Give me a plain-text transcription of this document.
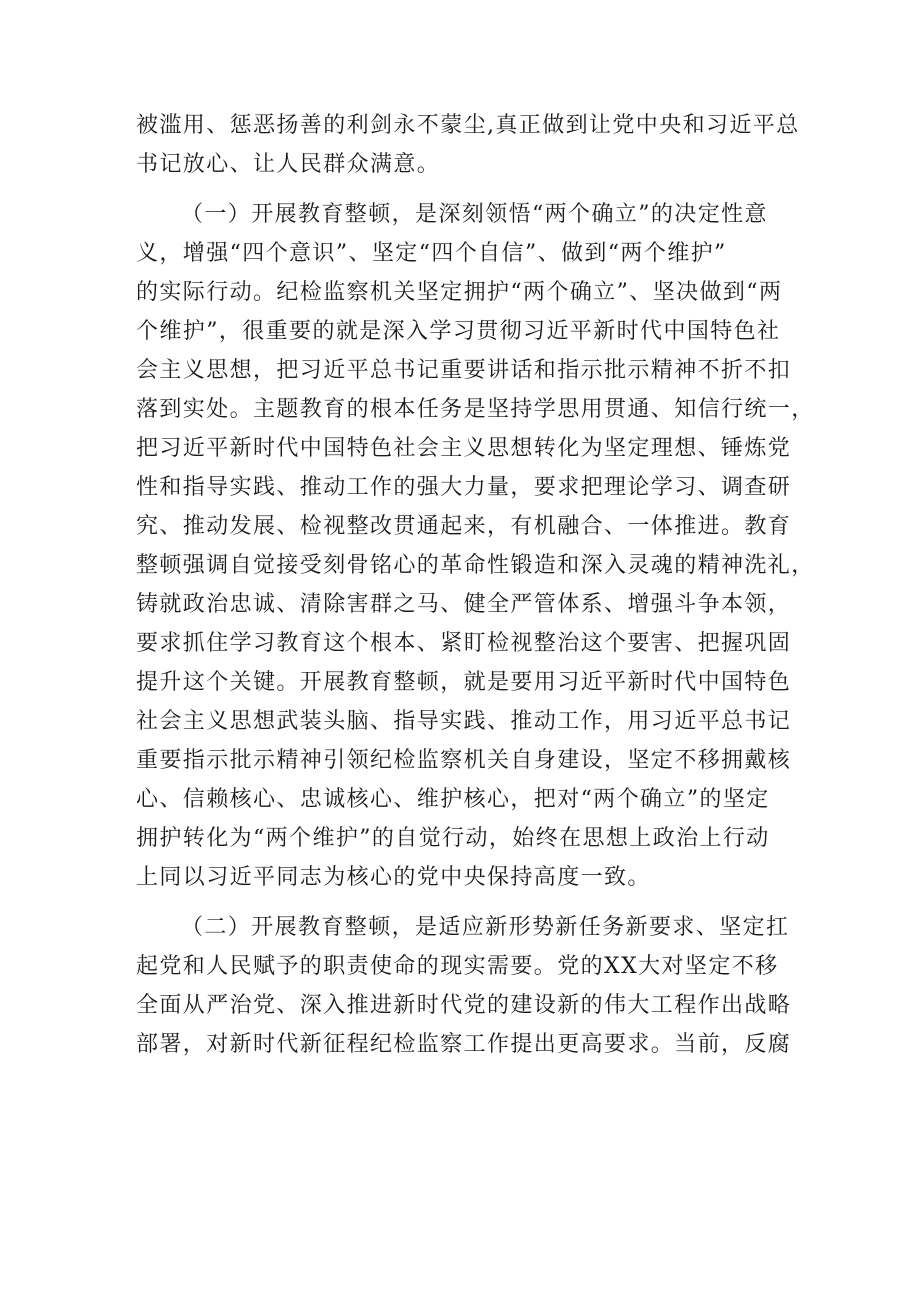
被滥用、惩恶扬善的利剑永不蒙尘,真正做到让党中央和习近平总
书记放心、让人民群众满意。
（一）开展教育整顿，是深刻领悟“两个确立”的决定性意
义，增强“四个意识”、坚定“四个自信”、做到“两个维护”
的实际行动。纪检监察机关坚定拥护“两个确立”、坚决做到“两
个维护”，很重要的就是深入学习贯彻习近平新时代中国特色社
会主义思想，把习近平总书记重要讲话和指示批示精神不折不扣
落到实处。主题教育的根本任务是坚持学思用贯通、知信行统一，
把习近平新时代中国特色社会主义思想转化为坚定理想、锤炼党
性和指导实践、推动工作的强大力量，要求把理论学习、调查研
究、推动发展、检视整改贯通起来，有机融合、一体推进。教育
整顿强调自觉接受刻骨铭心的革命性锻造和深入灵魂的精神洗礼，
铸就政治忠诚、清除害群之马、健全严管体系、增强斗争本领，
要求抓住学习教育这个根本、紧盯检视整治这个要害、把握巩固
提升这个关键。开展教育整顿，就是要用习近平新时代中国特色
社会主义思想武装头脑、指导实践、推动工作，用习近平总书记
重要指示批示精神引领纪检监察机关自身建设，坚定不移拥戴核
心、信赖核心、忠诚核心、维护核心，把对“两个确立”的坚定
拥护转化为“两个维护”的自觉行动，始终在思想上政治上行动
上同以习近平同志为核心的党中央保持高度一致。
（二）开展教育整顿，是适应新形势新任务新要求、坚定扛
起党和人民赋予的职责使命的现实需要。党的XX大对坚定不移
全面从严治党、深入推进新时代党的建设新的伟大工程作出战略
部署，对新时代新征程纪检监察工作提出更高要求。当前，反腐
